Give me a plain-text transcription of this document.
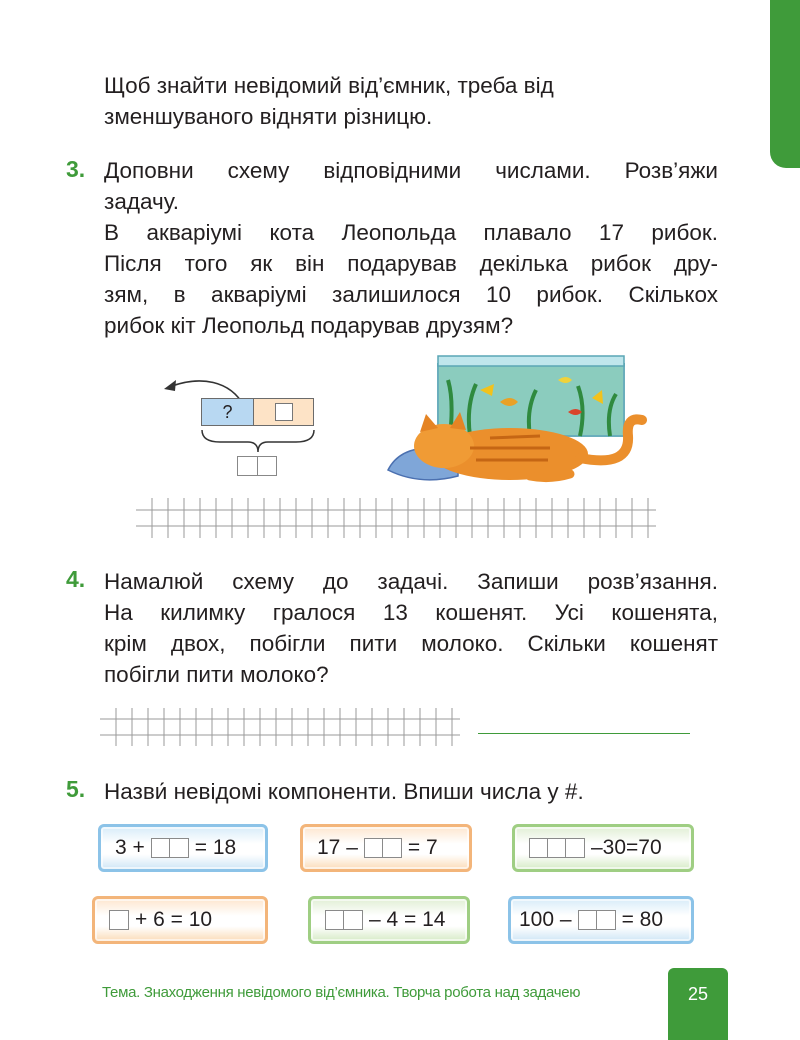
Щоб знайти невідомий від’ємник, треба від
зменшуваного відняти різницю.
3. Доповни схему відповідними числами. Розв’яжи
задачу.
В акваріумі кота Леопольда плавало 17 рибок.
Після того як він подарував декілька рибок дру-
зям, в акваріумі залишилося 10 рибок. Скількох
рибок кіт Леопольд подарував друзям?
?
4. Намалюй схему до задачі. Запиши розв’язання.
На килимку гралося 13 кошенят. Усі кошенята,
крім двох, побігли пити молоко. Скільки кошенят
побігли пити молоко?
5. Назви́ невідомі компоненти. Впиши числа у #.
3 + = 18	17 – = 7	–30=70
+ 6 = 10	– 4 = 14	100 – = 80
Тема. Знаходження невідомого від’ємника. Творча робота над задачею	25
